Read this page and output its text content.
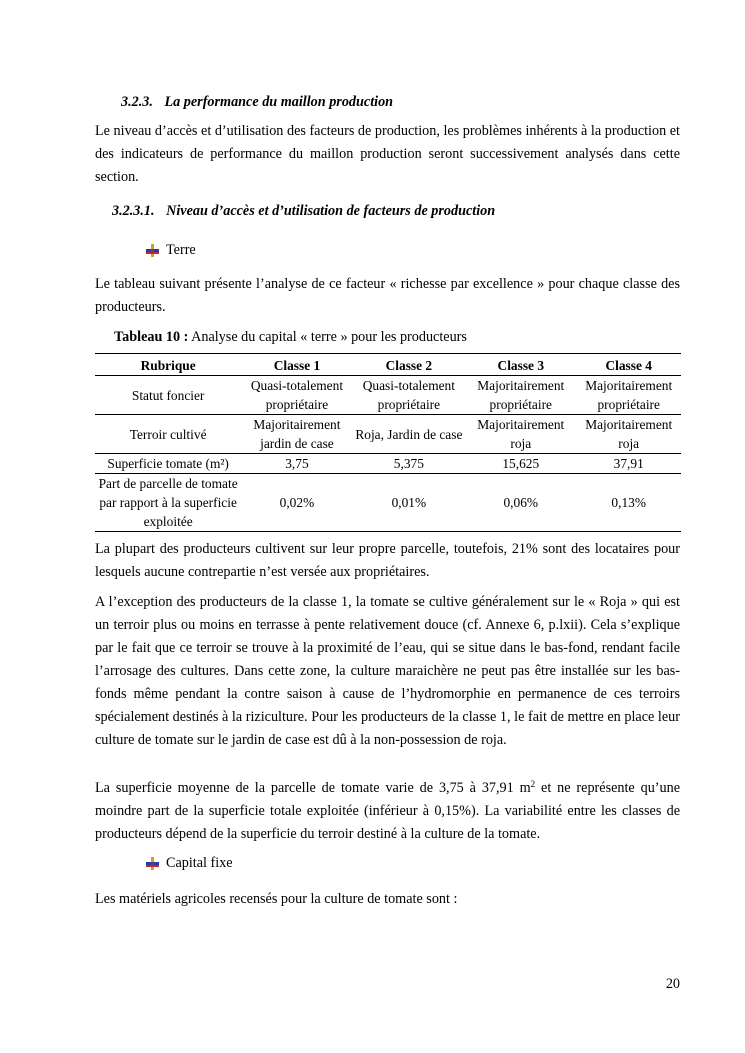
3.2.3. La performance du maillon production
Le niveau d’accès et d’utilisation des facteurs de production, les problèmes inhérents à la production et des indicateurs de performance du maillon production seront successivement analysés dans cette section.
3.2.3.1. Niveau d’accès et d’utilisation de facteurs de production
Terre
Le tableau suivant présente l’analyse de ce facteur « richesse par excellence » pour chaque classe des producteurs.
Tableau 10 : Analyse du capital « terre » pour les producteurs
Rubrique	Classe 1	Classe 2	Classe 3	Classe 4
Statut foncier	Quasi-totalement propriétaire	Quasi-totalement propriétaire	Majoritairement propriétaire	Majoritairement propriétaire
Terroir cultivé	Majoritairement jardin de case	Roja, Jardin de case	Majoritairement roja	Majoritairement roja
Superficie tomate (m²)	3,75	5,375	15,625	37,91
Part de parcelle de tomate par rapport à la superficie exploitée	0,02%	0,01%	0,06%	0,13%
La plupart des producteurs cultivent sur leur propre parcelle, toutefois, 21% sont des locataires pour lesquels aucune contrepartie n’est versée aux propriétaires.
A l’exception des producteurs de la classe 1, la tomate se cultive généralement sur le « Roja » qui est un terroir plus ou moins en terrasse à pente relativement douce (cf. Annexe 6, p.lxii). Cela s’explique par le fait que ce terroir se trouve à la proximité de l’eau, qui se situe dans le bas-fond, rendant facile l’arrosage des cultures. Dans cette zone, la culture maraichère ne peut pas être installée sur les bas-fonds même pendant la contre saison à cause de l’hydromorphie en permanence de ces terroirs spécialement destinés à la riziculture. Pour les producteurs de la classe 1, le fait de mettre en place leur culture de tomate sur le jardin de case est dû à la non-possession de roja.
La superficie moyenne de la parcelle de tomate varie de 3,75 à 37,91 $m^2$ et ne représente qu’une moindre part de la superficie totale exploitée (inférieur à 0,15%). La variabilité entre les classes de producteurs dépend de la superficie du terroir destiné à la culture de la tomate.
Capital fixe
Les matériels agricoles recensés pour la culture de tomate sont :
20
